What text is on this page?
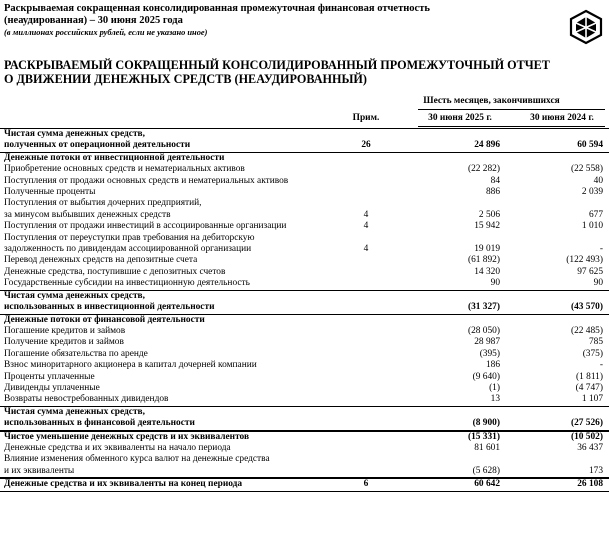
Раскрываемая сокращенная консолидированная промежуточная финансовая отчетность
(неаудированная) – 30 июня 2025 года
(в миллионах российских рублей, если не указано иное)
РАСКРЫВАЕМЫЙ СОКРАЩЕННЫЙ КОНСОЛИДИРОВАННЫЙ ПРОМЕЖУТОЧНЫЙ ОТЧЕТ
О ДВИЖЕНИИ ДЕНЕЖНЫХ СРЕДСТВ (НЕАУДИРОВАННЫЙ)
Шесть месяцев, закончившихся
Прим.	30 июня 2025 г.	30 июня 2024 г.
Чистая сумма денежных средств,
полученных от операционной деятельности	26	24 896	60 594
Денежные потоки от инвестиционной деятельности
Приобретение основных средств и нематериальных активов	(22 282)	(22 558)
Поступления от продажи основных средств и нематериальных активов	84	40
Полученные проценты	886	2 039
Поступления от выбытия дочерних предприятий,
за минусом выбывших денежных средств	4	2 506	677
Поступления от продажи инвестиций в ассоциированные организации	4	15 942	1 010
Поступления от переуступки прав требования на дебиторскую
задолженность по дивидендам ассоциированной организации	4	19 019	-
Перевод денежных средств на депозитные счета	(61 892)	(122 493)
Денежные средства, поступившие с депозитных счетов	14 320	97 625
Государственные субсидии на инвестиционную деятельность	90	90
Чистая сумма денежных средств,
использованных в инвестиционной деятельности	(31 327)	(43 570)
Денежные потоки от финансовой деятельности
Погашение кредитов и займов	(28 050)	(22 485)
Получение кредитов и займов	28 987	785
Погашение обязательства по аренде	(395)	(375)
Взнос миноритарного акционера в капитал дочерней компании	186	-
Проценты уплаченные	(9 640)	(1 811)
Дивиденды уплаченные	(1)	(4 747)
Возвраты невостребованных дивидендов	13	1 107
Чистая сумма денежных средств,
использованных в финансовой деятельности	(8 900)	(27 526)
Чистое уменьшение денежных средств и их эквивалентов	(15 331)	(10 502)
Денежные средства и их эквиваленты на начало периода	81 601	36 437
Влияние изменения обменного курса валют на денежные средства
и их эквиваленты	(5 628)	173
Денежные средства и их эквиваленты на конец периода	6	60 642	26 108
